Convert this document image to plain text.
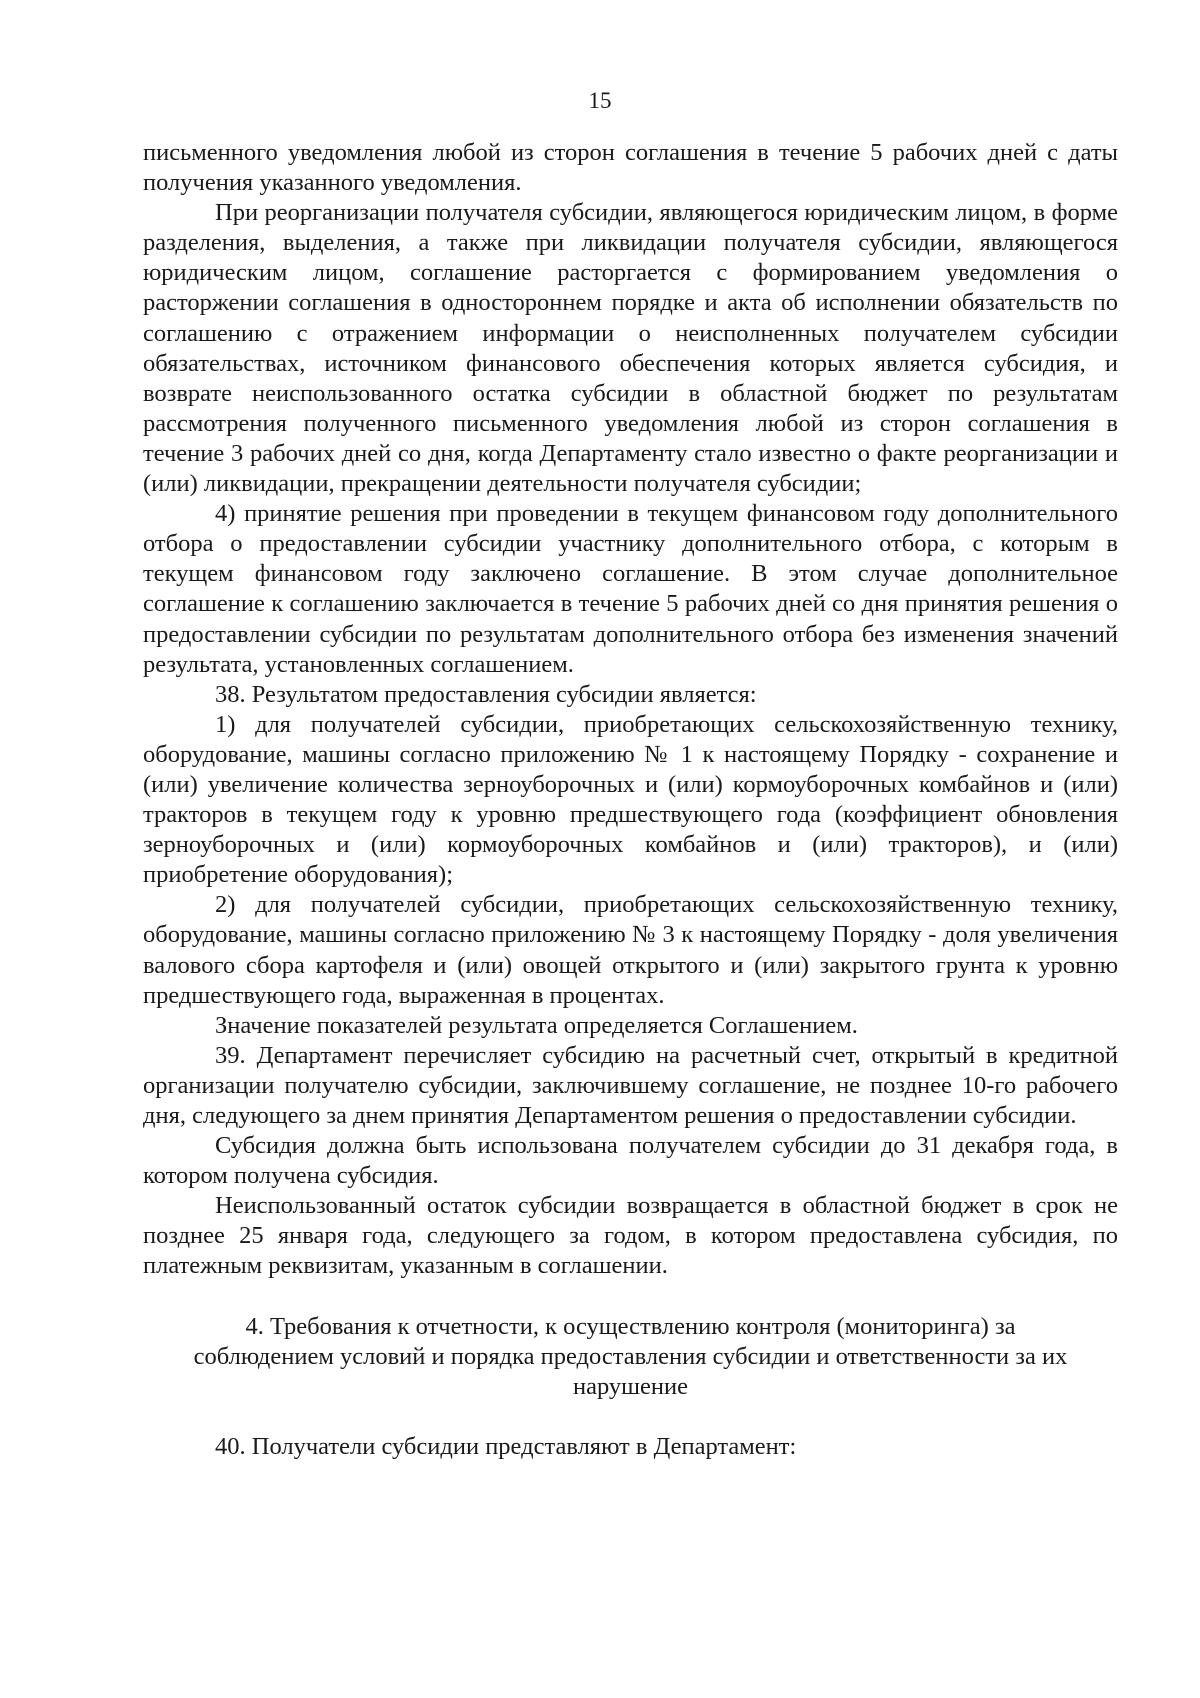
15

письменного уведомления любой из сторон соглашения в течение 5 рабочих дней с даты получения указанного уведомления.

При реорганизации получателя субсидии, являющегося юридическим лицом, в форме разделения, выделения, а также при ликвидации получателя субсидии, являющегося юридическим лицом, соглашение расторгается с формированием уведомления о расторжении соглашения в одностороннем порядке и акта об исполнении обязательств по соглашению с отражением информации о неисполненных получателем субсидии обязательствах, источником финансового обеспечения которых является субсидия, и возврате неиспользованного остатка субсидии в областной бюджет по результатам рассмотрения полученного письменного уведомления любой из сторон соглашения в течение 3 рабочих дней со дня, когда Департаменту стало известно о факте реорганизации и (или) ликвидации, прекращении деятельности получателя субсидии;

4) принятие решения при проведении в текущем финансовом году дополнительного отбора о предоставлении субсидии участнику дополнительного отбора, с которым в текущем финансовом году заключено соглашение. В этом случае дополнительное соглашение к соглашению заключается в течение 5 рабочих дней со дня принятия решения о предоставлении субсидии по результатам дополнительного отбора без изменения значений результата, установленных соглашением.

38. Результатом предоставления субсидии является:

1) для получателей субсидии, приобретающих сельскохозяйственную технику, оборудование, машины согласно приложению № 1 к настоящему Порядку - сохранение и (или) увеличение количества зерноуборочных и (или) кормоуборочных комбайнов и (или) тракторов в текущем году к уровню предшествующего года (коэффициент обновления зерноуборочных и (или) кормоуборочных комбайнов и (или) тракторов), и (или) приобретение оборудования);

2) для получателей субсидии, приобретающих сельскохозяйственную технику, оборудование, машины согласно приложению № 3 к настоящему Порядку - доля увеличения валового сбора картофеля и (или) овощей открытого и (или) закрытого грунта к уровню предшествующего года, выраженная в процентах.

Значение показателей результата определяется Соглашением.

39. Департамент перечисляет субсидию на расчетный счет, открытый в кредитной организации получателю субсидии, заключившему соглашение, не позднее 10-го рабочего дня, следующего за днем принятия Департаментом решения о предоставлении субсидии.

Субсидия должна быть использована получателем субсидии до 31 декабря года, в котором получена субсидия.

Неиспользованный остаток субсидии возвращается в областной бюджет в срок не позднее 25 января года, следующего за годом, в котором предоставлена субсидия, по платежным реквизитам, указанным в соглашении.

4. Требования к отчетности, к осуществлению контроля (мониторинга) за
соблюдением условий и порядка предоставления субсидии и ответственности за их
нарушение

40. Получатели субсидии представляют в Департамент:
